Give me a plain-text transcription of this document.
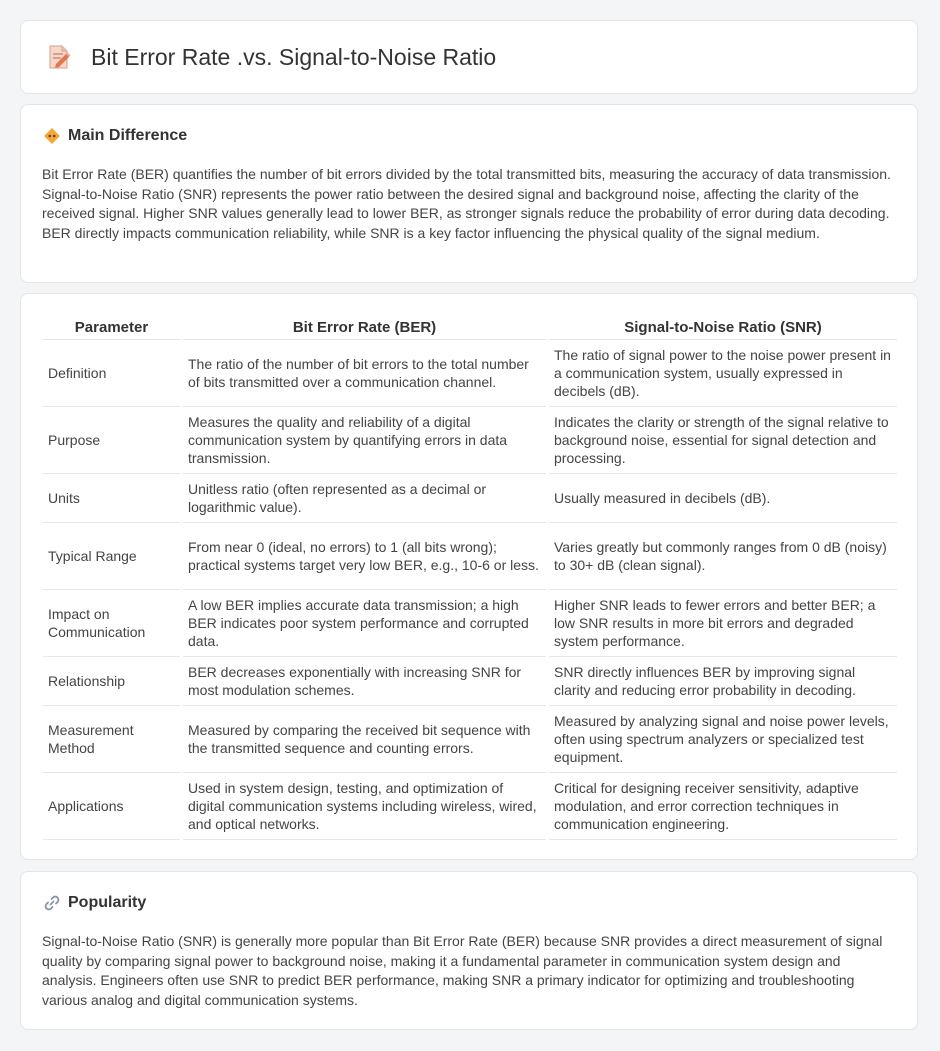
Bit Error Rate .vs. Signal-to-Noise Ratio
Main Difference

Bit Error Rate (BER) quantifies the number of bit errors divided by the total transmitted bits, measuring the accuracy of data transmission. Signal-to-Noise Ratio (SNR) represents the power ratio between the desired signal and background noise, affecting the clarity of the received signal. Higher SNR values generally lead to lower BER, as stronger signals reduce the probability of error during data decoding. BER directly impacts communication reliability, while SNR is a key factor influencing the physical quality of the signal medium.

Parameter	Bit Error Rate (BER)	Signal-to-Noise Ratio (SNR)
Definition	The ratio of the number of bit errors to the total number of bits transmitted over a communication channel.	The ratio of signal power to the noise power present in a communication system, usually expressed in decibels (dB).
Purpose	Measures the quality and reliability of a digital communication system by quantifying errors in data transmission.	Indicates the clarity or strength of the signal relative to background noise, essential for signal detection and processing.
Units	Unitless ratio (often represented as a decimal or logarithmic value).	Usually measured in decibels (dB).
Typical Range	From near 0 (ideal, no errors) to 1 (all bits wrong); practical systems target very low BER, e.g., 10-6 or less.	Varies greatly but commonly ranges from 0 dB (noisy) to 30+ dB (clean signal).
Impact on Communication	A low BER implies accurate data transmission; a high BER indicates poor system performance and corrupted data.	Higher SNR leads to fewer errors and better BER; a low SNR results in more bit errors and degraded system performance.
Relationship	BER decreases exponentially with increasing SNR for most modulation schemes.	SNR directly influences BER by improving signal clarity and reducing error probability in decoding.
Measurement Method	Measured by comparing the received bit sequence with the transmitted sequence and counting errors.	Measured by analyzing signal and noise power levels, often using spectrum analyzers or specialized test equipment.
Applications	Used in system design, testing, and optimization of digital communication systems including wireless, wired, and optical networks.	Critical for designing receiver sensitivity, adaptive modulation, and error correction techniques in communication engineering.
Popularity

Signal-to-Noise Ratio (SNR) is generally more popular than Bit Error Rate (BER) because SNR provides a direct measurement of signal quality by comparing signal power to background noise, making it a fundamental parameter in communication system design and analysis. Engineers often use SNR to predict BER performance, making SNR a primary indicator for optimizing and troubleshooting various analog and digital communication systems.
